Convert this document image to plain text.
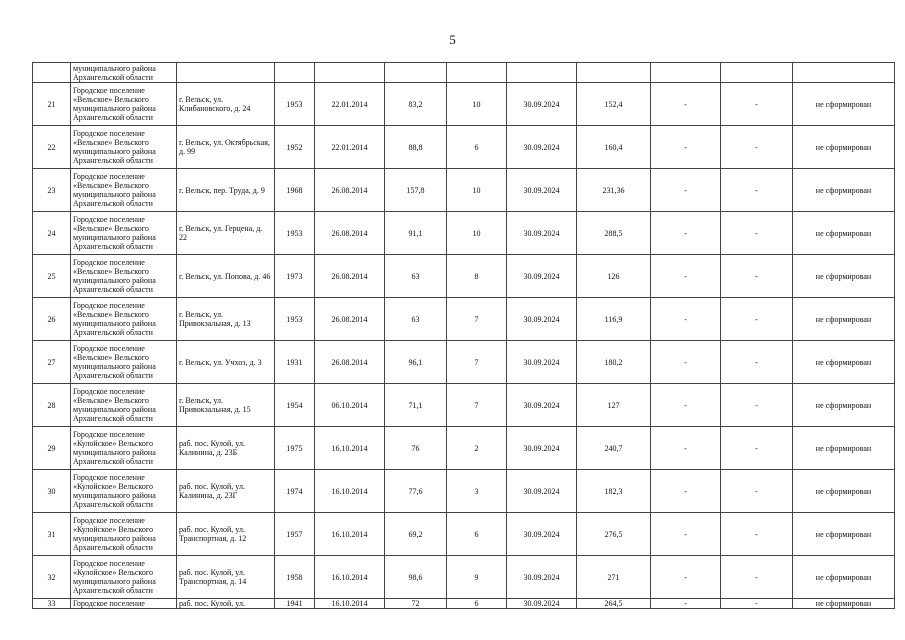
5
	муниципального района Архангельской области										
21	Городское поселение «Вельское» Вельского муниципального района Архангельской области	г. Вельск, ул. Клибановского, д. 24	1953	22.01.2014	83,2	10	30.09.2024	152,4	-	-	не сформирован
22	Городское поселение «Вельское» Вельского муниципального района Архангельской области	г. Вельск, ул. Октябрьская, д. 99	1952	22.01.2014	88,8	6	30.09.2024	160,4	-	-	не сформирован
23	Городское поселение «Вельское» Вельского муниципального района Архангельской области	г. Вельск, пер. Труда, д. 9	1968	26.08.2014	157,8	10	30.09.2024	231,36	-	-	не сформирован
24	Городское поселение «Вельское» Вельского муниципального района Архангельской области	г. Вельск, ул. Герцена, д. 22	1953	26.08.2014	91,1	10	30.09.2024	288,5	-	-	не сформирован
25	Городское поселение «Вельское» Вельского муниципального района Архангельской области	г. Вельск, ул. Попова, д. 46	1973	26.08.2014	63	8	30.09.2024	126	-	-	не сформирован
26	Городское поселение «Вельское» Вельского муниципального района Архангельской области	г. Вельск, ул. Привокзальная, д. 13	1953	26.08.2014	63	7	30.09.2024	116,9	-	-	не сформирован
27	Городское поселение «Вельское» Вельского муниципального района Архангельской области	г. Вельск, ул. Учхоз, д. 3	1931	26.08.2014	96,1	7	30.09.2024	180,2	-	-	не сформирован
28	Городское поселение «Вельское» Вельского муниципального района Архангельской области	г. Вельск, ул. Привокзальная, д. 15	1954	06.10.2014	71,1	7	30.09.2024	127	-	-	не сформирован
29	Городское поселение «Кулойское» Вельского муниципального района Архангельской области	раб. пос. Кулой, ул. Калинина, д. 23Б	1975	16.10.2014	76	2	30.09.2024	240,7	-	-	не сформирован
30	Городское поселение «Кулойское» Вельского муниципального района Архангельской области	раб. пос. Кулой, ул. Калинина, д. 23Г	1974	16.10.2014	77,6	3	30.09.2024	182,3	-	-	не сформирован
31	Городское поселение «Кулойское» Вельского муниципального района Архангельской области	раб. пос. Кулой, ул. Транспортная, д. 12	1957	16.10.2014	69,2	6	30.09.2024	276,5	-	-	не сформирован
32	Городское поселение «Кулойское» Вельского муниципального района Архангельской области	раб. пос. Кулой, ул. Транспортная, д. 14	1958	16.10.2014	98,6	9	30.09.2024	271	-	-	не сформирован
33	Городское поселение	раб. пос. Кулой, ул.	1941	16.10.2014	72	6	30.09.2024	264,5	-	-	не сформирован
